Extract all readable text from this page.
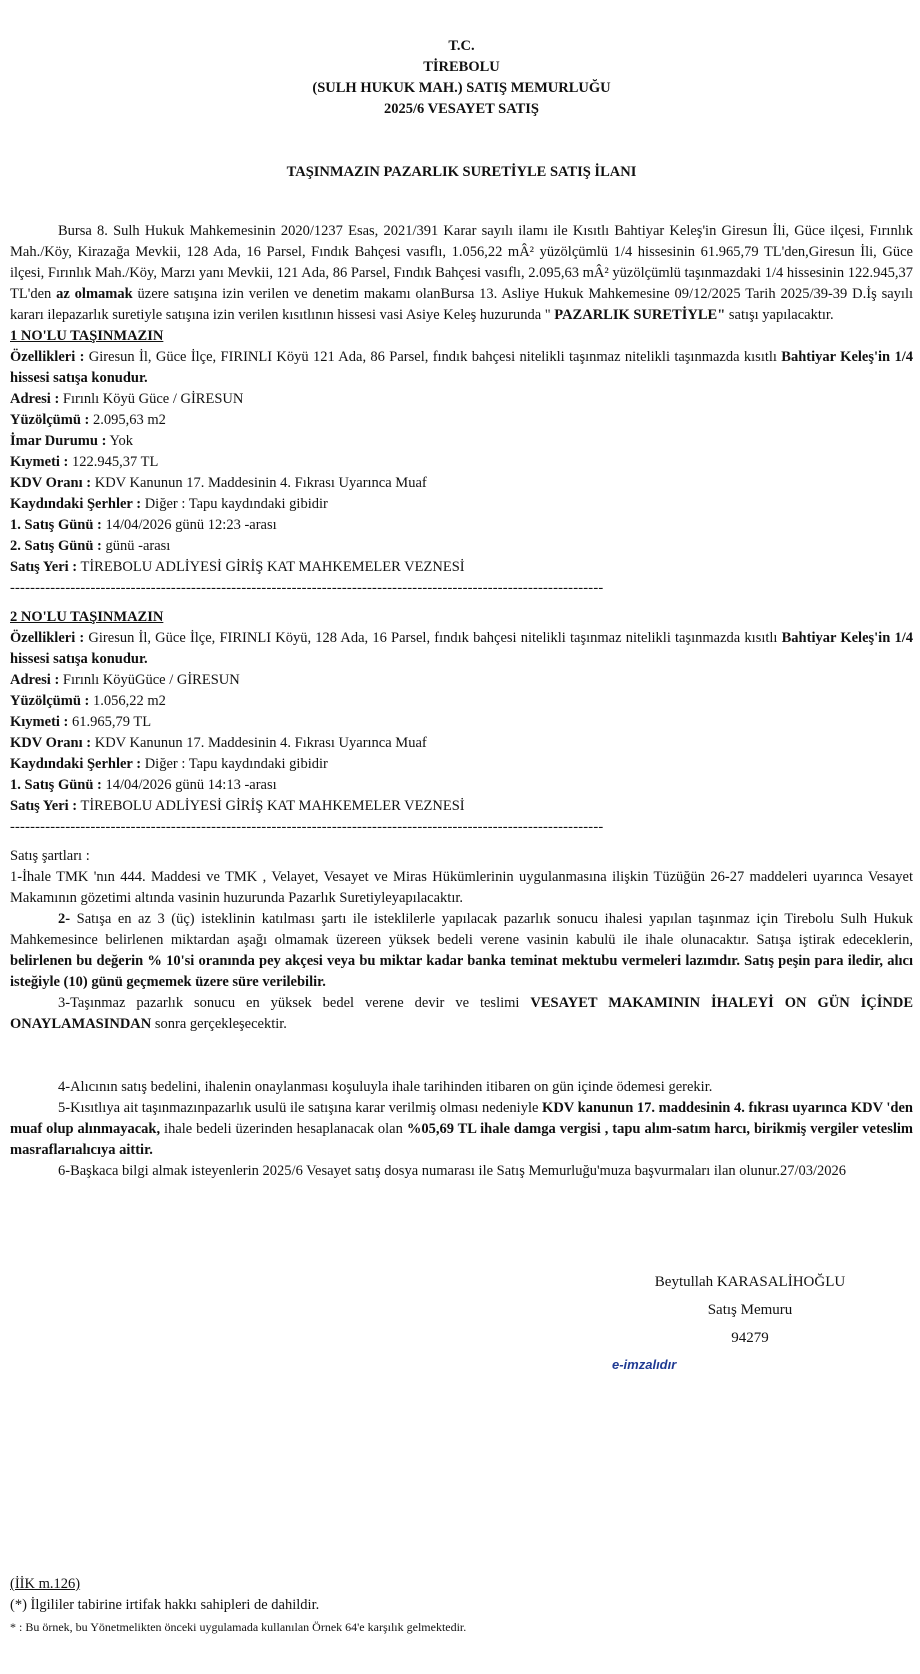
T.C.
TİREBOLU
(SULH HUKUK MAH.) SATIŞ MEMURLUĞU
2025/6 VESAYET SATIŞ
TAŞINMAZIN PAZARLIK SURETİYLE SATIŞ İLANI
Bursa 8. Sulh Hukuk Mahkemesinin 2020/1237 Esas, 2021/391 Karar sayılı ilamı ile Kısıtlı Bahtiyar Keleş'in Giresun İli, Güce ilçesi, Fırınlık Mah./Köy, Kirazağa Mevkii, 128 Ada, 16 Parsel, Fındık Bahçesi vasıflı, 1.056,22 mÂ² yüzölçümlü 1/4 hissesinin 61.965,79 TL'den,Giresun İli, Güce ilçesi, Fırınlık Mah./Köy, Marzı yanı Mevkii, 121 Ada, 86 Parsel, Fındık Bahçesi vasıflı, 2.095,63 mÂ² yüzölçümlü taşınmazdaki 1/4 hissesinin 122.945,37 TL'den az olmamak üzere satışına izin verilen ve denetim makamı olanBursa 13. Asliye Hukuk Mahkemesine 09/12/2025 Tarih 2025/39-39 D.İş sayılı kararı ilepazarlık suretiyle satışına izin verilen kısıtlının hissesi vasi Asiye Keleş huzurunda " PAZARLIK SURETİYLE" satışı yapılacaktır.
1 NO'LU TAŞINMAZIN
Özellikleri : Giresun İl, Güce İlçe, FIRINLI Köyü 121 Ada, 86 Parsel, fındık bahçesi nitelikli taşınmaz nitelikli taşınmazda kısıtlı Bahtiyar Keleş'in 1/4 hissesi satışa konudur.
Adresi : Fırınlı Köyü Güce / GİRESUN
Yüzölçümü : 2.095,63 m2
İmar Durumu : Yok
Kıymeti : 122.945,37 TL
KDV Oranı : KDV Kanunun 17. Maddesinin 4. Fıkrası Uyarınca Muaf
Kaydındaki Şerhler : Diğer : Tapu kaydındaki gibidir
1. Satış Günü : 14/04/2026 günü 12:23 -arası
2. Satış Günü : günü -arası
Satış Yeri : TİREBOLU ADLİYESİ GİRİŞ KAT MAHKEMELER VEZNESİ
----------------------------------------------------------------------------------------------------------------------
2 NO'LU TAŞINMAZIN
Özellikleri : Giresun İl, Güce İlçe, FIRINLI Köyü, 128 Ada, 16 Parsel, fındık bahçesi nitelikli taşınmaz nitelikli taşınmazda kısıtlı Bahtiyar Keleş'in 1/4 hissesi satışa konudur.
Adresi : Fırınlı KöyüGüce / GİRESUN
Yüzölçümü : 1.056,22 m2
Kıymeti : 61.965,79 TL
KDV Oranı : KDV Kanunun 17. Maddesinin 4. Fıkrası Uyarınca Muaf
Kaydındaki Şerhler : Diğer : Tapu kaydındaki gibidir
1. Satış Günü : 14/04/2026 günü 14:13 -arası
Satış Yeri : TİREBOLU ADLİYESİ GİRİŞ KAT MAHKEMELER VEZNESİ
----------------------------------------------------------------------------------------------------------------------
Satış şartları :
1-İhale TMK 'nın 444. Maddesi ve TMK , Velayet, Vesayet ve Miras Hükümlerinin uygulanmasına ilişkin Tüzüğün 26-27 maddeleri uyarınca Vesayet Makamının gözetimi altında vasinin huzurunda Pazarlık Suretiyleyapılacaktır.
2- Satışa en az 3 (üç) isteklinin katılması şartı ile isteklilerle yapılacak pazarlık sonucu ihalesi yapılan taşınmaz için Tirebolu Sulh Hukuk Mahkemesince belirlenen miktardan aşağı olmamak üzereen yüksek bedeli verene vasinin kabulü ile ihale olunacaktır. Satışa iştirak edeceklerin, belirlenen bu değerin % 10'si oranında pey akçesi veya bu miktar kadar banka teminat mektubu vermeleri lazımdır. Satış peşin para iledir, alıcı isteğiyle (10) günü geçmemek üzere süre verilebilir.
3-Taşınmaz pazarlık sonucu en yüksek bedel verene devir ve teslimi VESAYET MAKAMININ İHALEYİ ON GÜN İÇİNDE ONAYLAMASINDAN sonra gerçekleşecektir.
4-Alıcının satış bedelini, ihalenin onaylanması koşuluyla ihale tarihinden itibaren on gün içinde ödemesi gerekir.
5-Kısıtlıya ait taşınmazınpazarlık usulü ile satışına karar verilmiş olması nedeniyle KDV kanunun 17. maddesinin 4. fıkrası uyarınca KDV 'den muaf olup alınmayacak, ihale bedeli üzerinden hesaplanacak olan %05,69 TL ihale damga vergisi , tapu alım-satım harcı, birikmiş vergiler veteslim masraflarıalıcıya aittir.
6-Başkaca bilgi almak isteyenlerin 2025/6 Vesayet satış dosya numarası ile Satış Memurluğu'muza başvurmaları ilan olunur.27/03/2026
Beytullah KARASALİHOĞLU
Satış Memuru
94279
e-imzalıdır
(İİK m.126)
(*) İlgililer tabirine irtifak hakkı sahipleri de dahildir.
* : Bu örnek, bu Yönetmelikten önceki uygulamada kullanılan Örnek 64'e karşılık gelmektedir.
